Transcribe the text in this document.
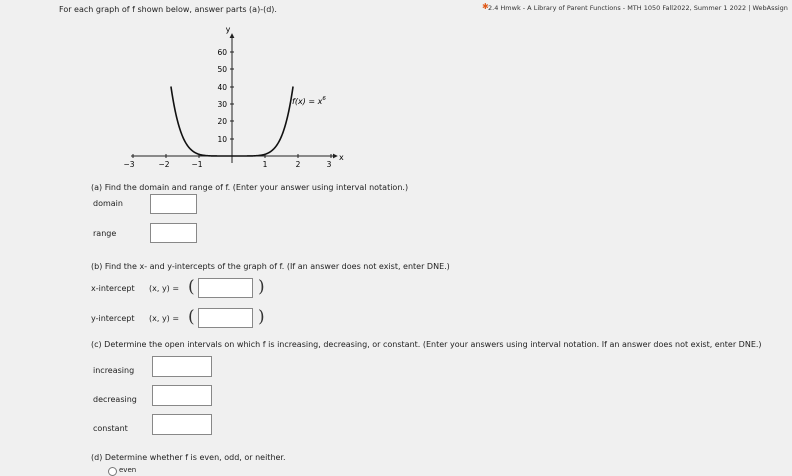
✱ 2.4 Hmwk - A Library of Parent Functions - MTH 1050 Fall2022, Summer 1 2022 | WebAssign
For each graph of f shown below, answer parts (a)-(d).
y
x
10
20
30
40
50
60
−3	−2	−1	1	2	3
$f(x) = x^6$
(a) Find the domain and range of f. (Enter your answer using interval notation.)
domain
range
(b) Find the x- and y-intercepts of the graph of f. (If an answer does not exist, enter DNE.)
x-intercept (x, y) = (	)
y-intercept (x, y) = (	)
(c) Determine the open intervals on which f is increasing, decreasing, or constant. (Enter your answers using interval notation. If an answer does not exist, enter DNE.)
increasing
decreasing
constant
(d) Determine whether f is even, odd, or neither.
even
